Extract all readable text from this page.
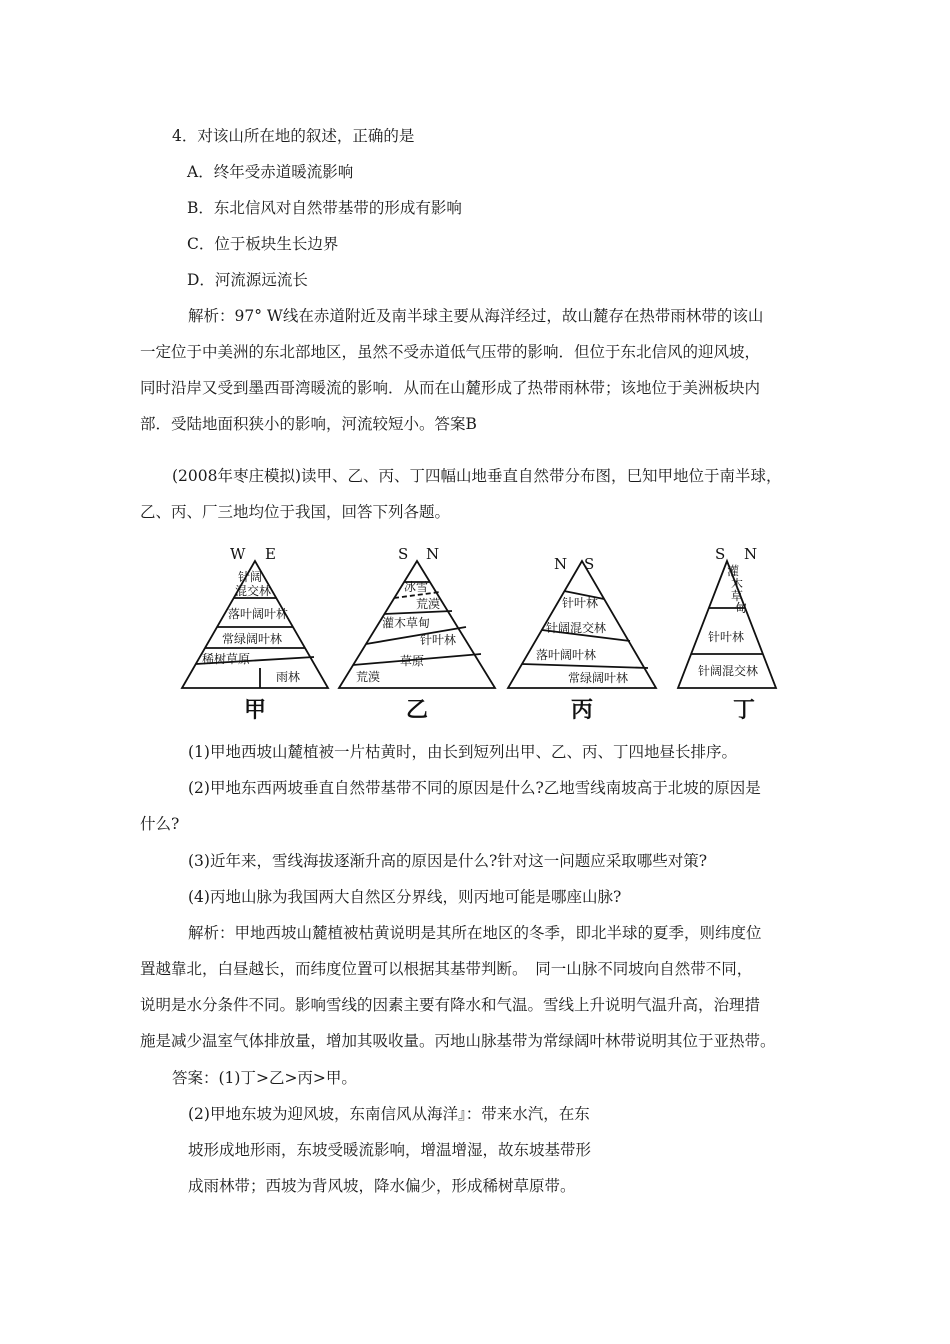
4．对该山所在地的叙述，正确的是
A．终年受赤道暖流影响
B．东北信风对自然带基带的形成有影响
C．位于板块生长边界
D．河流源远流长
解析：97° W线在赤道附近及南半球主要从海洋经过，故山麓存在热带雨林带的该山
一定位于中美洲的东北部地区，虽然不受赤道低气压带的影响．但位于东北信风的迎风坡，
同时沿岸又受到墨西哥湾暖流的影响．从而在山麓形成了热带雨林带；该地位于美洲板块内
部．受陆地面积狭小的影响，河流较短小。答案B
(2008年枣庄模拟)读甲、乙、丙、丁四幅山地垂直自然带分布图，巳知甲地位于南半球，
乙、丙、厂三地均位于我国，回答下列各题。
W E
针阔
混交林
落叶阔叶林
常绿阔叶林
稀树草原
雨林
甲
S N
冰雪
荒漠
灌木草甸
针叶林
草原
荒漠
乙
N S
针叶林
针阔混交林
落叶阔叶林
常绿阔叶林
丙
S N
灌
木
草
甸
针叶林
针阔混交林
丁
(1)甲地西坡山麓植被一片枯黄时，由长到短列出甲、乙、丙、丁四地昼长排序。
(2)甲地东西两坡垂直自然带基带不同的原因是什么?乙地雪线南坡高于北坡的原因是
什么?
(3)近年来，雪线海拔逐渐升高的原因是什么?针对这一问题应采取哪些对策?
(4)丙地山脉为我国两大自然区分界线，则丙地可能是哪座山脉?
解析：甲地西坡山麓植被枯黄说明是其所在地区的冬季，即北半球的夏季，则纬度位
置越靠北，白昼越长，而纬度位置可以根据其基带判断。　同一山脉不同坡向自然带不同，
说明是水分条件不同。影响雪线的因素主要有降水和气温。雪线上升说明气温升高，治理措
施是减少温室气体排放量，增加其吸收量。丙地山脉基带为常绿阔叶林带说明其位于亚热带。
答案：(1)丁>乙>丙>甲。
(2)甲地东坡为迎风坡，东南信风从海洋』：带来水汽，在东
坡形成地形雨，东坡受暖流影响，增温增湿，故东坡基带形
成雨林带；西坡为背风坡，降水偏少，形成稀树草原带。
